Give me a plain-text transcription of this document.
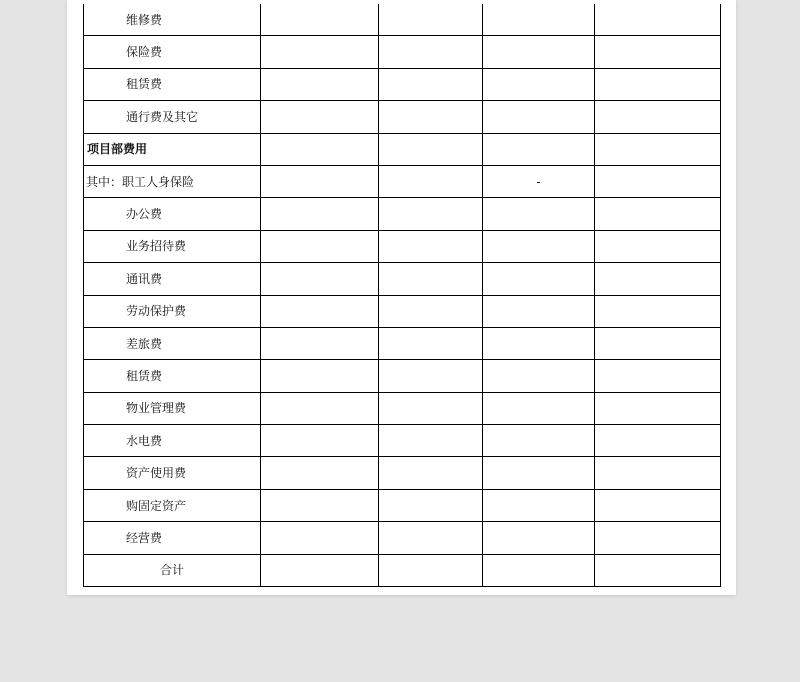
维修费				
保险费				
租赁费				
通行费及其它				
项目部费用				
其中：职工人身保险			-	
办公费				
业务招待费				
通讯费				
劳动保护费				
差旅费				
租赁费				
物业管理费				
水电费				
资产使用费				
购固定资产				
经营费				
合计				
